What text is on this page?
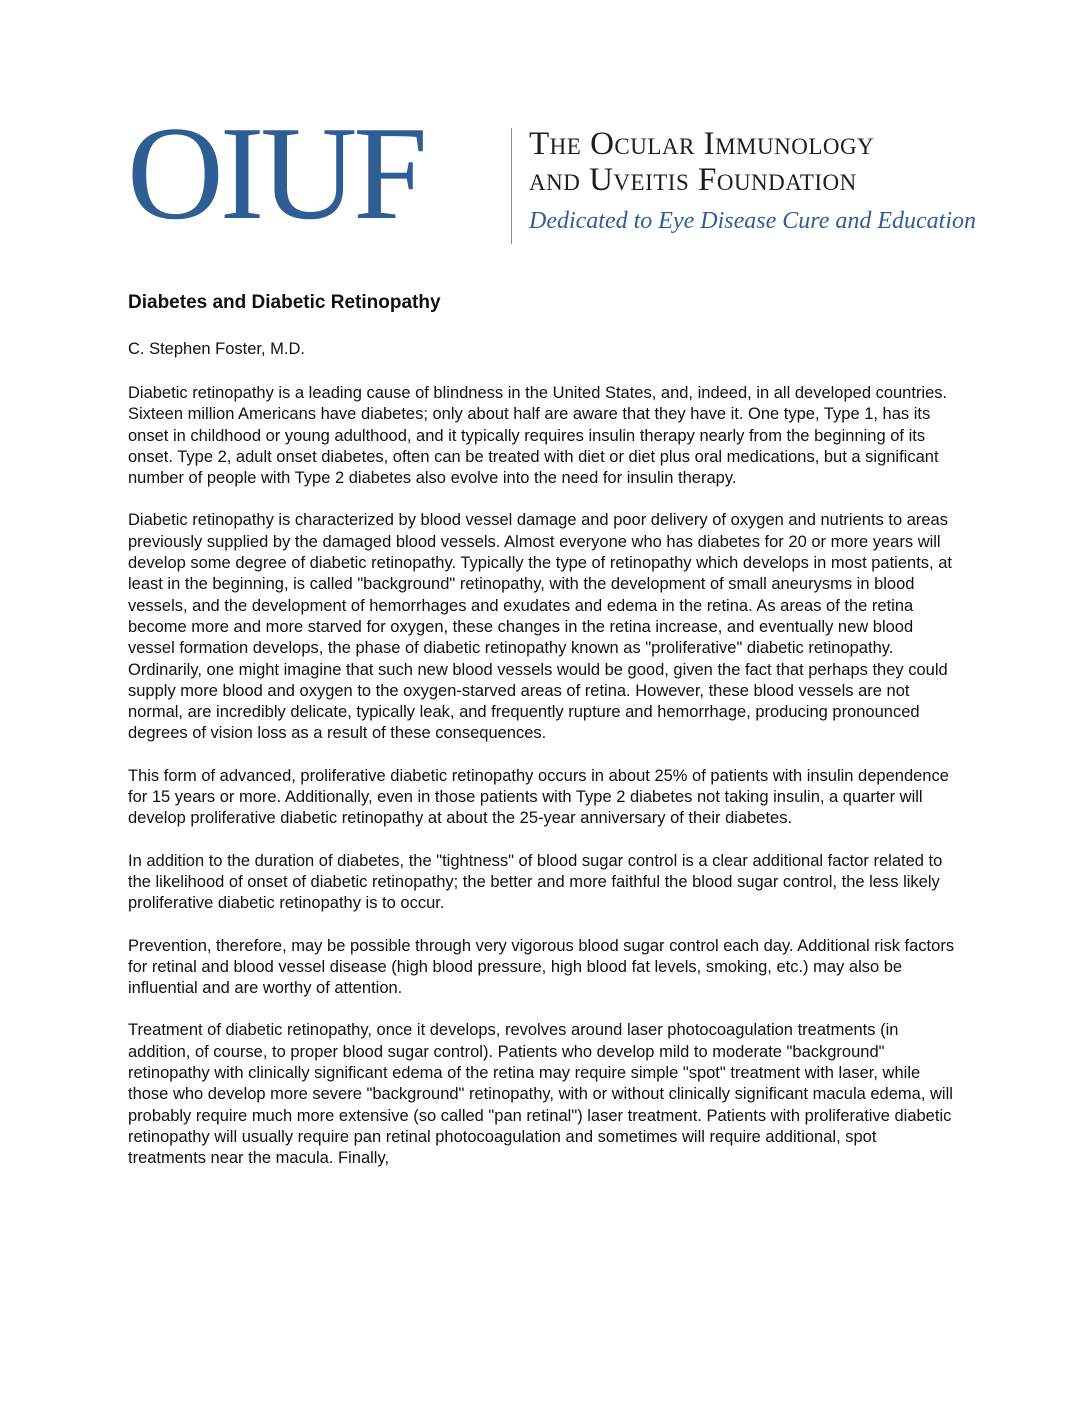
OIUF	The Ocular Immunology
and Uveitis Foundation
Dedicated to Eye Disease Cure and Education
Diabetes and Diabetic Retinopathy

C. Stephen Foster, M.D.

Diabetic retinopathy is a leading cause of blindness in the United States, and, indeed, in all developed countries. Sixteen million Americans have diabetes; only about half are aware that they have it. One type, Type 1, has its onset in childhood or young adulthood, and it typically requires insulin therapy nearly from the beginning of its onset. Type 2, adult onset diabetes, often can be treated with diet or diet plus oral medications, but a significant number of people with Type 2 diabetes also evolve into the need for insulin therapy.

Diabetic retinopathy is characterized by blood vessel damage and poor delivery of oxygen and nutrients to areas previously supplied by the damaged blood vessels. Almost everyone who has diabetes for 20 or more years will develop some degree of diabetic retinopathy. Typically the type of retinopathy which develops in most patients, at least in the beginning, is called "background" retinopathy, with the development of small aneurysms in blood vessels, and the development of hemorrhages and exudates and edema in the retina. As areas of the retina become more and more starved for oxygen, these changes in the retina increase, and eventually new blood vessel formation develops, the phase of diabetic retinopathy known as "proliferative" diabetic retinopathy. Ordinarily, one might imagine that such new blood vessels would be good, given the fact that perhaps they could supply more blood and oxygen to the oxygen-starved areas of retina. However, these blood vessels are not normal, are incredibly delicate, typically leak, and frequently rupture and hemorrhage, producing pronounced degrees of vision loss as a result of these consequences.

This form of advanced, proliferative diabetic retinopathy occurs in about 25% of patients with insulin dependence for 15 years or more. Additionally, even in those patients with Type 2 diabetes not taking insulin, a quarter will develop proliferative diabetic retinopathy at about the 25-year anniversary of their diabetes.

In addition to the duration of diabetes, the "tightness" of blood sugar control is a clear additional factor related to the likelihood of onset of diabetic retinopathy; the better and more faithful the blood sugar control, the less likely proliferative diabetic retinopathy is to occur.

Prevention, therefore, may be possible through very vigorous blood sugar control each day. Additional risk factors for retinal and blood vessel disease (high blood pressure, high blood fat levels, smoking, etc.) may also be influential and are worthy of attention.

Treatment of diabetic retinopathy, once it develops, revolves around laser photocoagulation treatments (in addition, of course, to proper blood sugar control). Patients who develop mild to moderate "background" retinopathy with clinically significant edema of the retina may require simple "spot" treatment with laser, while those who develop more severe "background" retinopathy, with or without clinically significant macula edema, will probably require much more extensive (so called "pan retinal") laser treatment. Patients with proliferative diabetic retinopathy will usually require pan retinal photocoagulation and sometimes will require additional, spot treatments near the macula. Finally,
